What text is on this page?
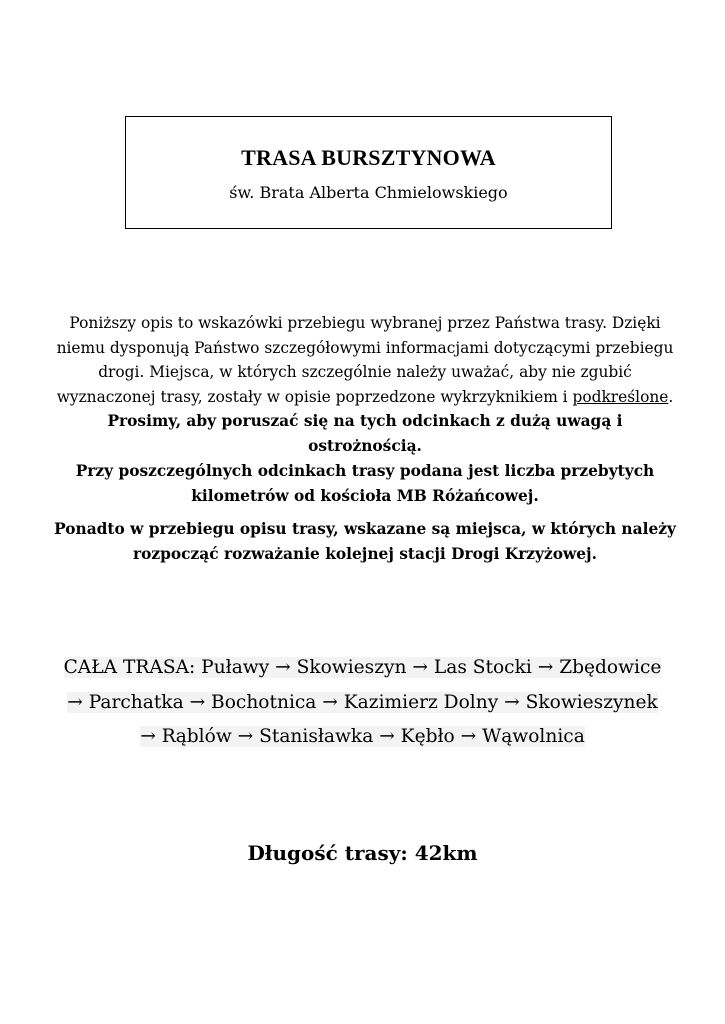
TRASA BURSZTYNOWA
św. Brata Alberta Chmielowskiego

Poniższy opis to wskazówki przebiegu wybranej przez Państwa trasy. Dzięki niemu dysponują Państwo szczegółowymi informacjami dotyczącymi przebiegu drogi. Miejsca, w których szczególnie należy uważać, aby nie zgubić wyznaczonej trasy, zostały w opisie poprzedzone wykrzyknikiem i podkreślone. Prosimy, aby poruszać się na tych odcinkach z dużą uwagą i ostrożnością.

Przy poszczególnych odcinkach trasy podana jest liczba przebytych kilometrów od kościoła MB Różańcowej.

Ponadto w przebiegu opisu trasy, wskazane są miejsca, w których należy rozpocząć rozważanie kolejnej stacji Drogi Krzyżowej.

CAŁA TRASA: Puławy → Skowieszyn → Las Stocki → Zbędowice
→ Parchatka → Bochotnica → Kazimierz Dolny → Skowieszynek
→ Rąblów → Stanisławka → Kębło → Wąwolnica
Długość trasy: 42km
